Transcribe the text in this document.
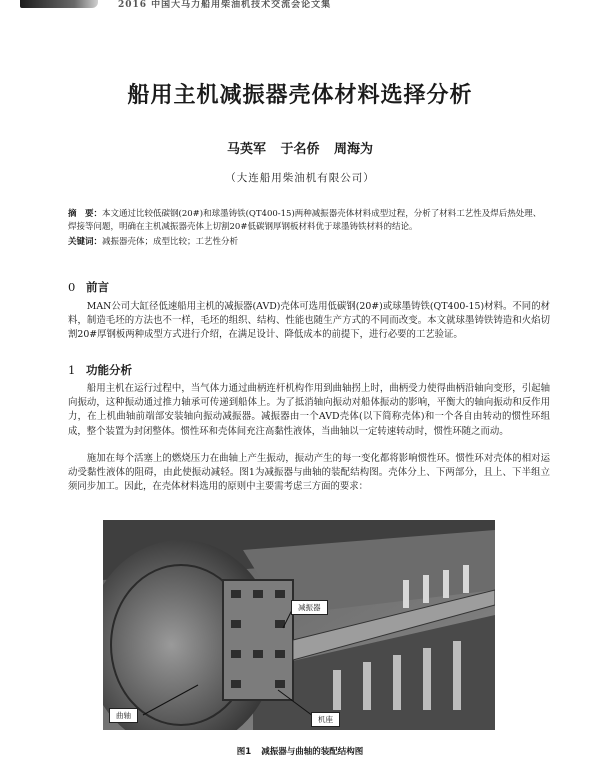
2016 中国大马力船用柴油机技术交流会论文集
船用主机减振器壳体材料选择分析
马英军 于名侨 周海为
（大连船用柴油机有限公司）
摘　要：本文通过比较低碳钢(20#)和球墨铸铁(QT400-15)两种减振器壳体材料成型过程，分析了材料工艺性及焊后热处理、焊接等问题，明确在主机减振器壳体上切割20#低碳钢厚钢板材料优于球墨铸铁材料的结论。
关键词：减振器壳体；成型比较；工艺性分析
0 前言

MAN公司大缸径低速船用主机的减振器(AVD)壳体可选用低碳钢(20#)或球墨铸铁(QT400-15)材料。不同的材料，制造毛坯的方法也不一样，毛坯的组织、结构、性能也随生产方式的不同而改变。本文就球墨铸铁铸造和火焰切割20#厚钢板两种成型方式进行介绍，在满足设计、降低成本的前提下，进行必要的工艺验证。

1 功能分析

船用主机在运行过程中，当气体力通过曲柄连杆机构作用到曲轴拐上时，曲柄受力使得曲柄沿轴向变形，引起轴向振动，这种振动通过推力轴承可传递到船体上。为了抵消轴向振动对船体振动的影响，平衡大的轴向振动和反作用力，在上机曲轴前端部安装轴向振动减振器。减振器由一个AVD壳体(以下简称壳体)和一个各自由转动的惯性环组成，整个装置为封闭整体。惯性环和壳体间充注高黏性液体，当曲轴以一定转速转动时，惯性环随之而动。

施加在每个活塞上的燃烧压力在曲轴上产生振动，振动产生的每一变化都将影响惯性环。惯性环对壳体的相对运动受黏性液体的阻碍，由此使振动减轻。图1为减振器与曲轴的装配结构图。壳体分上、下两部分，且上、下半组立须同步加工。因此，在壳体材料选用的原则中主要需考虑三方面的要求：

减振器
曲轴	机座
图1 减振器与曲轴的装配结构图
